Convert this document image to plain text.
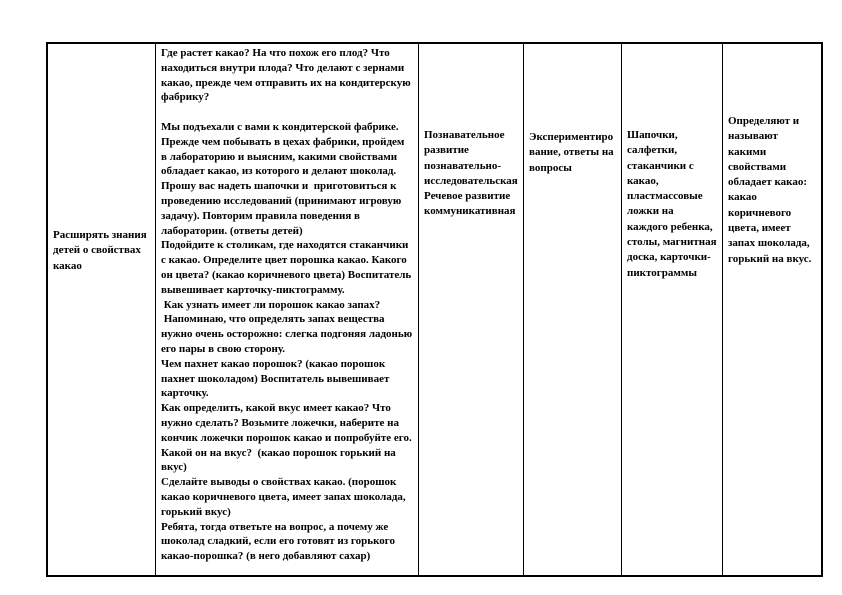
Расширять знания детей о свойствах какао

Где растет какао? На что похож его плод? Что находиться внутри плода? Что делают с зернами какао, прежде чем отправить их на кондитерскую фабрику?

Мы подъехали с вами к кондитерской фабрике. Прежде чем побывать в цехах фабрики, пройдем в лабораторию и выясним, какими свойствами обладает какао, из которого и делают шоколад. Прошу вас надеть шапочки и  приготовиться к проведению исследований (принимают игровую задачу). Повторим правила поведения в лаборатории. (ответы детей)

Подойдите к столикам, где находятся стаканчики с какао. Определите цвет порошка какао. Какого он цвета? (какао коричневого цвета) Воспитатель вывешивает карточку-пиктограмму.

Как узнать имеет ли порошок какао запах?

Напоминаю, что определять запах вещества нужно очень осторожно: слегка подгоняя ладонью его пары в свою сторону.

Чем пахнет какао порошок? (какао порошок пахнет шоколадом) Воспитатель вывешивает карточку.

Как определить, какой вкус имеет какао? Что нужно сделать? Возьмите ложечки, наберите на кончик ложечки порошок какао и попробуйте его. Какой он на вкус?  (какао порошок горький на вкус)

Сделайте выводы о свойствах какао. (порошок какао коричневого цвета, имеет запах шоколада, горький вкус)

Ребята, тогда ответьте на вопрос, а почему же шоколад сладкий, если его готовят из горького какао-порошка? (в него добавляют сахар)

Познавательное развитие познавательно-исследовательская

Речевое развитие коммуникативная

Экспериментирование, ответы на вопросы

Шапочки, салфетки, стаканчики с какао, пластмассовые ложки на каждого ребенка, столы, магнитная доска, карточки-пиктограммы

Определяют и называют какими свойствами обладает какао: какао коричневого цвета, имеет запах шоколада, горький на вкус.
